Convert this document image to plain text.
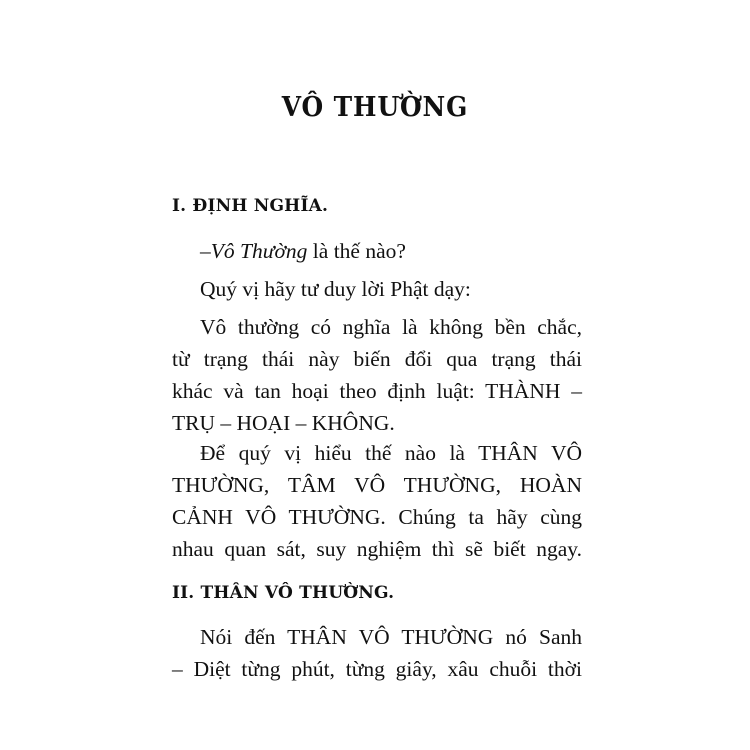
VÔ THƯỜNG
I. ĐỊNH NGHĨA.
–Vô Thường là thế nào?
Quý vị hãy tư duy lời Phật dạy:
Vô thường có nghĩa là không bền chắc,
từ trạng thái này biến đổi qua trạng thái
khác và tan hoại theo định luật: THÀNH –
TRỤ – HOẠI – KHÔNG.
Để quý vị hiểu thế nào là THÂN VÔ
THƯỜNG, TÂM VÔ THƯỜNG, HOÀN
CẢNH VÔ THƯỜNG. Chúng ta hãy cùng
nhau quan sát, suy nghiệm thì sẽ biết ngay.
II. THÂN VÔ THƯỜNG.
Nói đến THÂN VÔ THƯỜNG nó Sanh
– Diệt từng phút, từng giây, xâu chuỗi thời
